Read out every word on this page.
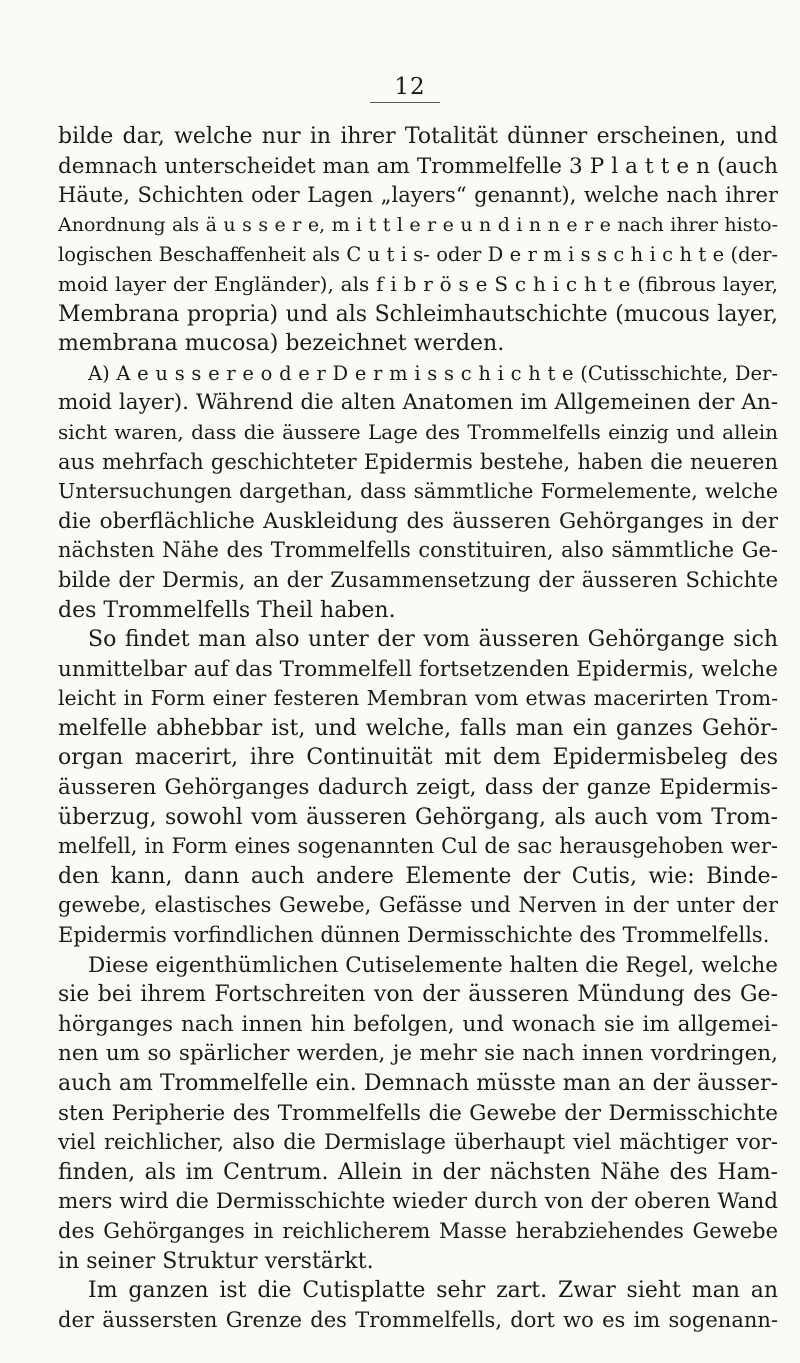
12
bilde dar, welche nur in ihrer Totalität dünner erscheinen, und
demnach unterscheidet man am Trommelfelle 3 P l a t t e n (auch
Häute, Schichten oder Lagen „layers“ genannt), welche nach ihrer
Anordnung als ä u s s e r e, m i t t l e r e u n d i n n e r e nach ihrer histo-
logischen Beschaffenheit als C u t i s- oder D e r m i s s c h i c h t e (der-
moid layer der Engländer), als f i b r ö s e S c h i c h t e (fibrous layer,
Membrana propria) und als Schleimhautschichte (mucous layer,
membrana mucosa) bezeichnet werden.
A) A e u s s e r e o d e r D e r m i s s c h i c h t e (Cutisschichte, Der-
moid layer). Während die alten Anatomen im Allgemeinen der An-
sicht waren, dass die äussere Lage des Trommelfells einzig und allein
aus mehrfach geschichteter Epidermis bestehe, haben die neueren
Untersuchungen dargethan, dass sämmtliche Formelemente, welche
die oberflächliche Auskleidung des äusseren Gehörganges in der
nächsten Nähe des Trommelfells constituiren, also sämmtliche Ge-
bilde der Dermis, an der Zusammensetzung der äusseren Schichte
des Trommelfells Theil haben.
So findet man also unter der vom äusseren Gehörgange sich
unmittelbar auf das Trommelfell fortsetzenden Epidermis, welche
leicht in Form einer festeren Membran vom etwas macerirten Trom-
melfelle abhebbar ist, und welche, falls man ein ganzes Gehör-
organ macerirt, ihre Continuität mit dem Epidermisbeleg des
äusseren Gehörganges dadurch zeigt, dass der ganze Epidermis-
überzug, sowohl vom äusseren Gehörgang, als auch vom Trom-
melfell, in Form eines sogenannten Cul de sac herausgehoben wer-
den kann, dann auch andere Elemente der Cutis, wie: Binde-
gewebe, elastisches Gewebe, Gefässe und Nerven in der unter der
Epidermis vorfindlichen dünnen Dermisschichte des Trommelfells.
Diese eigenthümlichen Cutiselemente halten die Regel, welche
sie bei ihrem Fortschreiten von der äusseren Mündung des Ge-
hörganges nach innen hin befolgen, und wonach sie im allgemei-
nen um so spärlicher werden, je mehr sie nach innen vordringen,
auch am Trommelfelle ein. Demnach müsste man an der äusser-
sten Peripherie des Trommelfells die Gewebe der Dermisschichte
viel reichlicher, also die Dermislage überhaupt viel mächtiger vor-
finden, als im Centrum. Allein in der nächsten Nähe des Ham-
mers wird die Dermisschichte wieder durch von der oberen Wand
des Gehörganges in reichlicherem Masse herabziehendes Gewebe
in seiner Struktur verstärkt.
Im ganzen ist die Cutisplatte sehr zart. Zwar sieht man an
der äussersten Grenze des Trommelfells, dort wo es im sogenann-
